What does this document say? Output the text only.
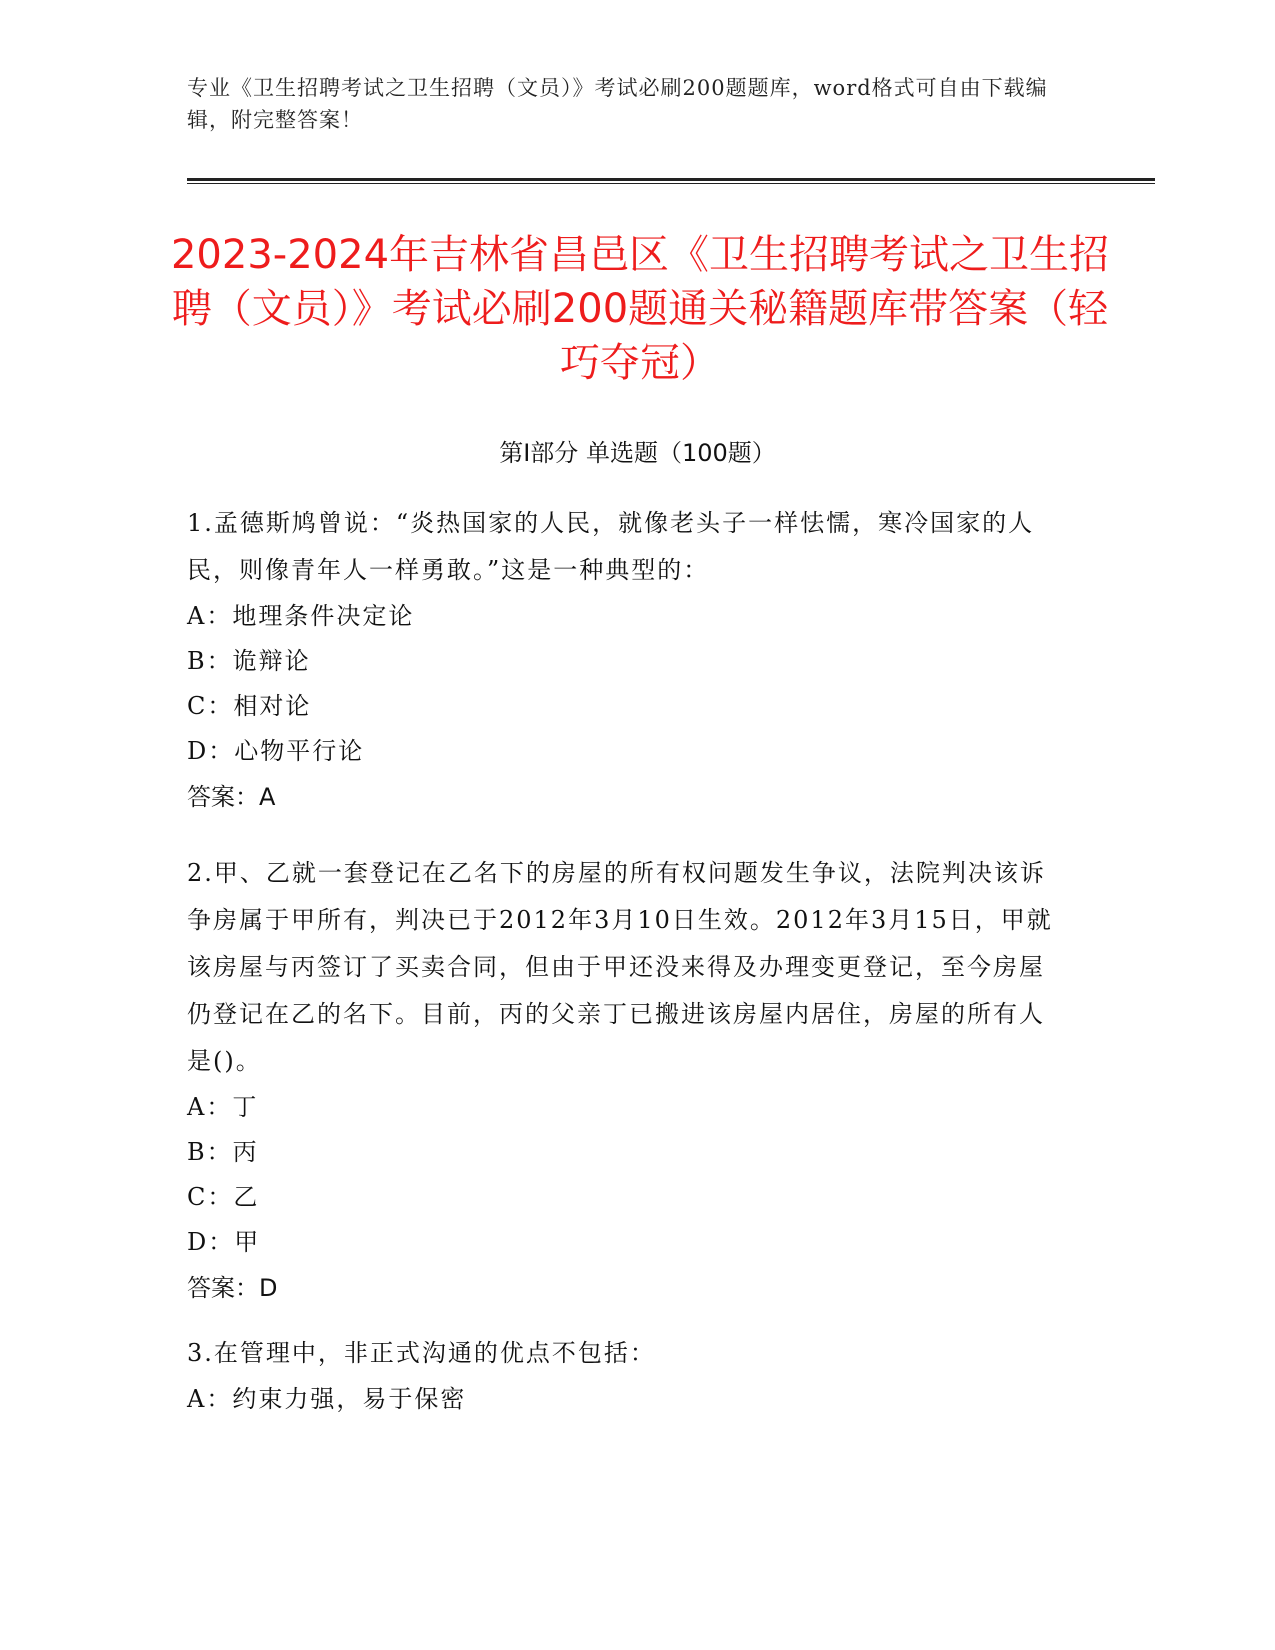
专业《卫生招聘考试之卫生招聘（文员）》考试必刷200题题库，word格式可自由下载编辑，附完整答案！
2023-2024年吉林省昌邑区《卫生招聘考试之卫生招聘（文员）》考试必刷200题通关秘籍题库带答案（轻巧夺冠）
第I部分 单选题（100题）

1.孟德斯鸠曾说：“炎热国家的人民，就像老头子一样怯懦，寒冷国家的人民，则像青年人一样勇敢。”这是一种典型的：

A：地理条件决定论

B：诡辩论

C：相对论

D：心物平行论

答案：A

2.甲、乙就一套登记在乙名下的房屋的所有权问题发生争议，法院判决该诉争房属于甲所有，判决已于2012年3月10日生效。2012年3月15日，甲就该房屋与丙签订了买卖合同，但由于甲还没来得及办理变更登记，至今房屋仍登记在乙的名下。目前，丙的父亲丁已搬进该房屋内居住，房屋的所有人是()。

A：丁

B：丙

C：乙

D：甲

答案：D

3.在管理中，非正式沟通的优点不包括：

A：约束力强，易于保密
